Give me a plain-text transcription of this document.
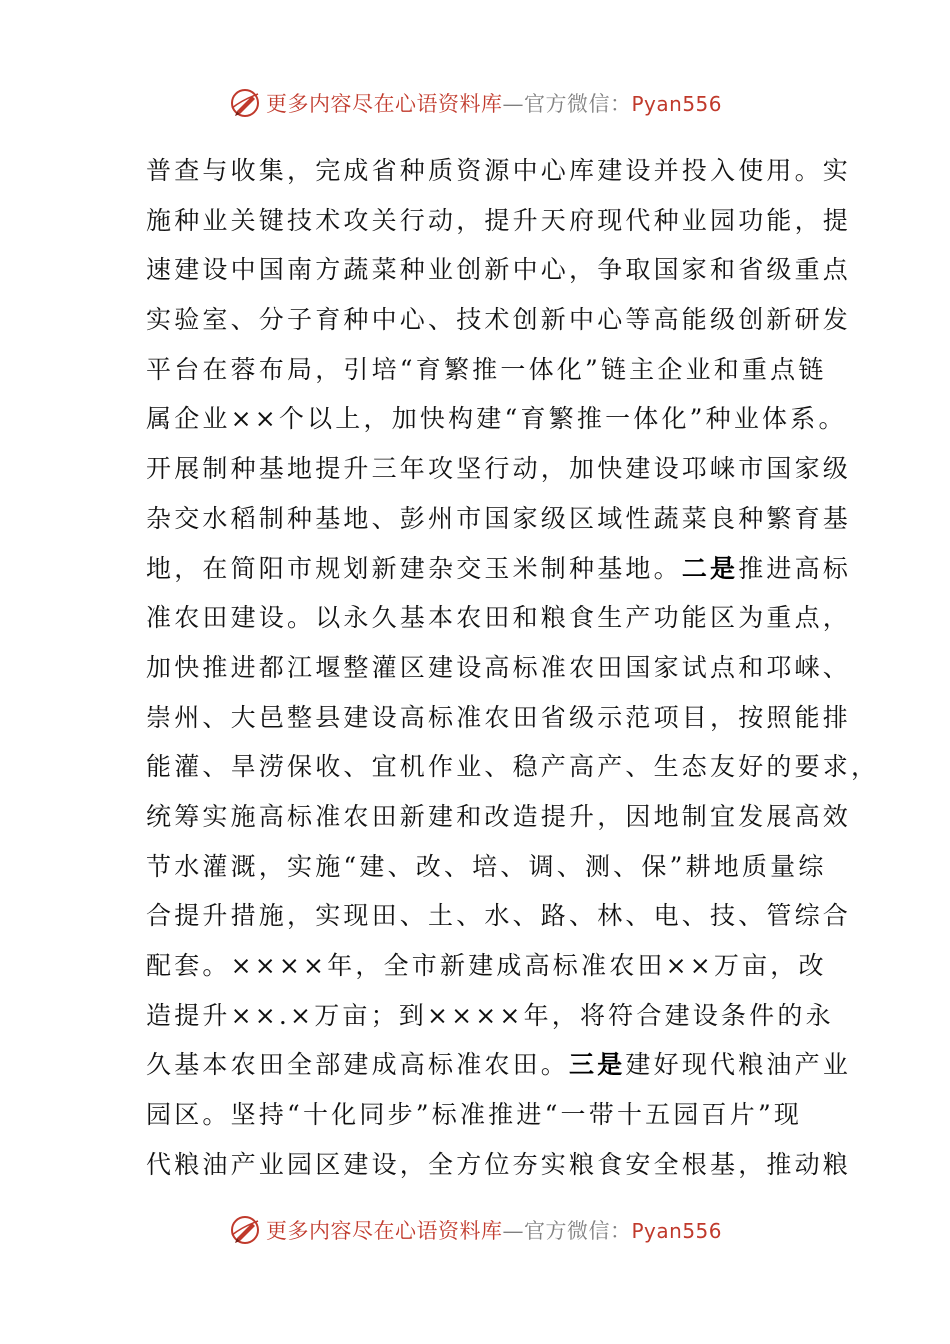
更多内容尽在心语资料库—官方微信：Pyan556
普查与收集，完成省种质资源中心库建设并投入使用。实
施种业关键技术攻关行动，提升天府现代种业园功能，提
速建设中国南方蔬菜种业创新中心，争取国家和省级重点
实验室、分子育种中心、技术创新中心等高能级创新研发
平台在蓉布局，引培“育繁推一体化”链主企业和重点链
属企业××个以上，加快构建“育繁推一体化”种业体系。
开展制种基地提升三年攻坚行动，加快建设邛崃市国家级
杂交水稻制种基地、彭州市国家级区域性蔬菜良种繁育基
地，在简阳市规划新建杂交玉米制种基地。二是推进高标
准农田建设。以永久基本农田和粮食生产功能区为重点，
加快推进都江堰整灌区建设高标准农田国家试点和邛崃、
崇州、大邑整县建设高标准农田省级示范项目，按照能排
能灌、旱涝保收、宜机作业、稳产高产、生态友好的要求，
统筹实施高标准农田新建和改造提升，因地制宜发展高效
节水灌溉，实施“建、改、培、调、测、保”耕地质量综
合提升措施，实现田、土、水、路、林、电、技、管综合
配套。××××年，全市新建成高标准农田××万亩，改
造提升××.×万亩；到××××年，将符合建设条件的永
久基本农田全部建成高标准农田。三是建好现代粮油产业
园区。坚持“十化同步”标准推进“一带十五园百片”现
代粮油产业园区建设，全方位夯实粮食安全根基，推动粮
更多内容尽在心语资料库—官方微信：Pyan556
